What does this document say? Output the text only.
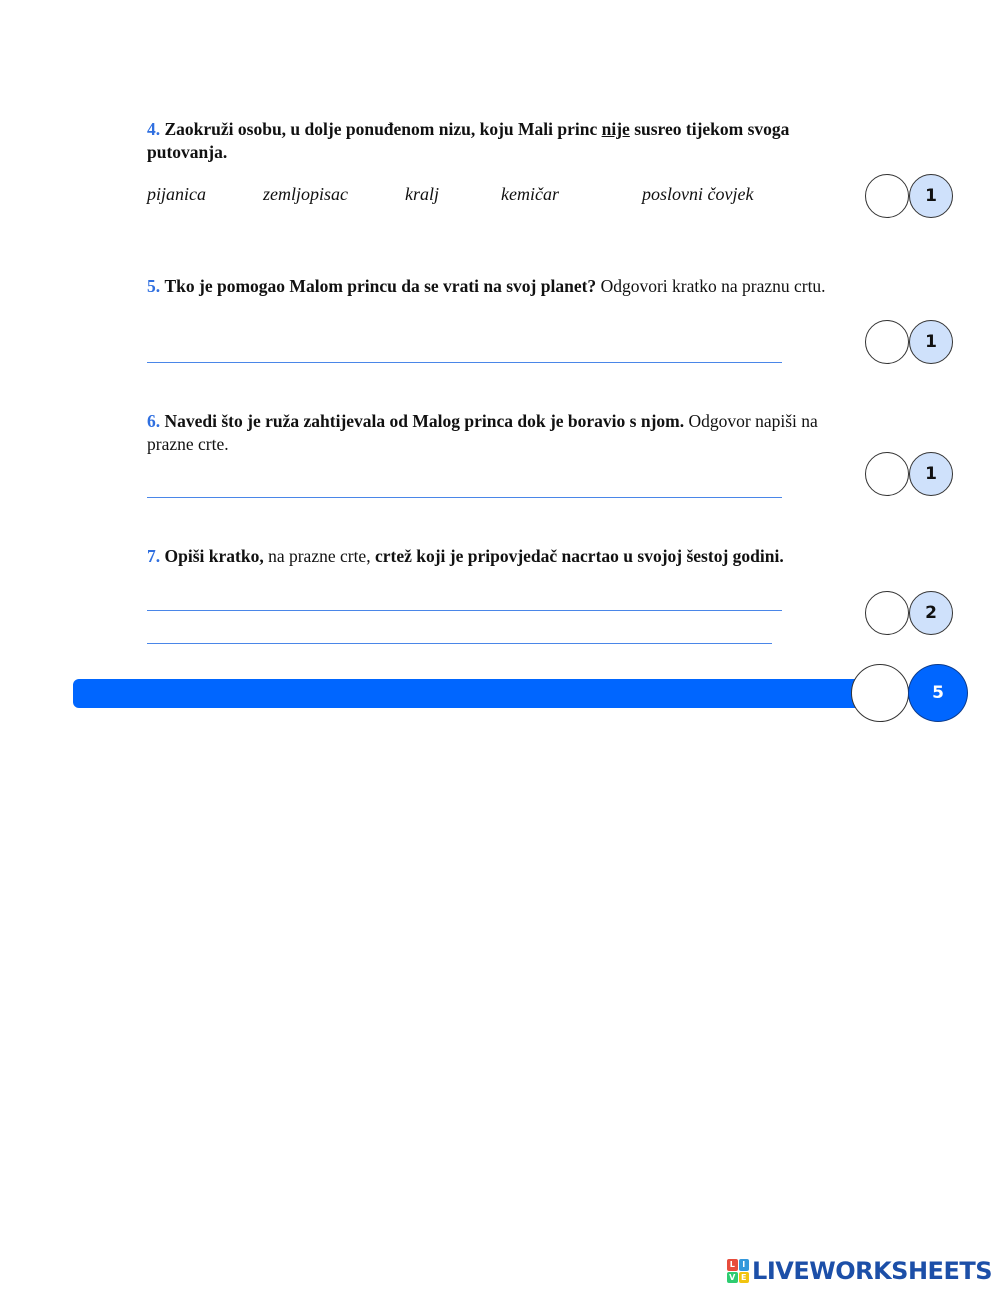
4. Zaokruži osobu, u dolje ponuđenom nizu, koju Mali princ nije susreo tijekom svoga putovanja.
pijanica	zemljopisac	kralj	kemičar	poslovni čovjek	1
5. Tko je pomogao Malom princu da se vrati na svoj planet? Odgovori kratko na praznu crtu.
1
6. Navedi što je ruža zahtijevala od Malog princa dok je boravio s njom. Odgovor napiši na prazne crte.
1
7. Opiši kratko, na prazne crte, crtež koji je pripovjedač nacrtao u svojoj šestoj godini.
2
5
L I
V E LIVEWORKSHEETS
